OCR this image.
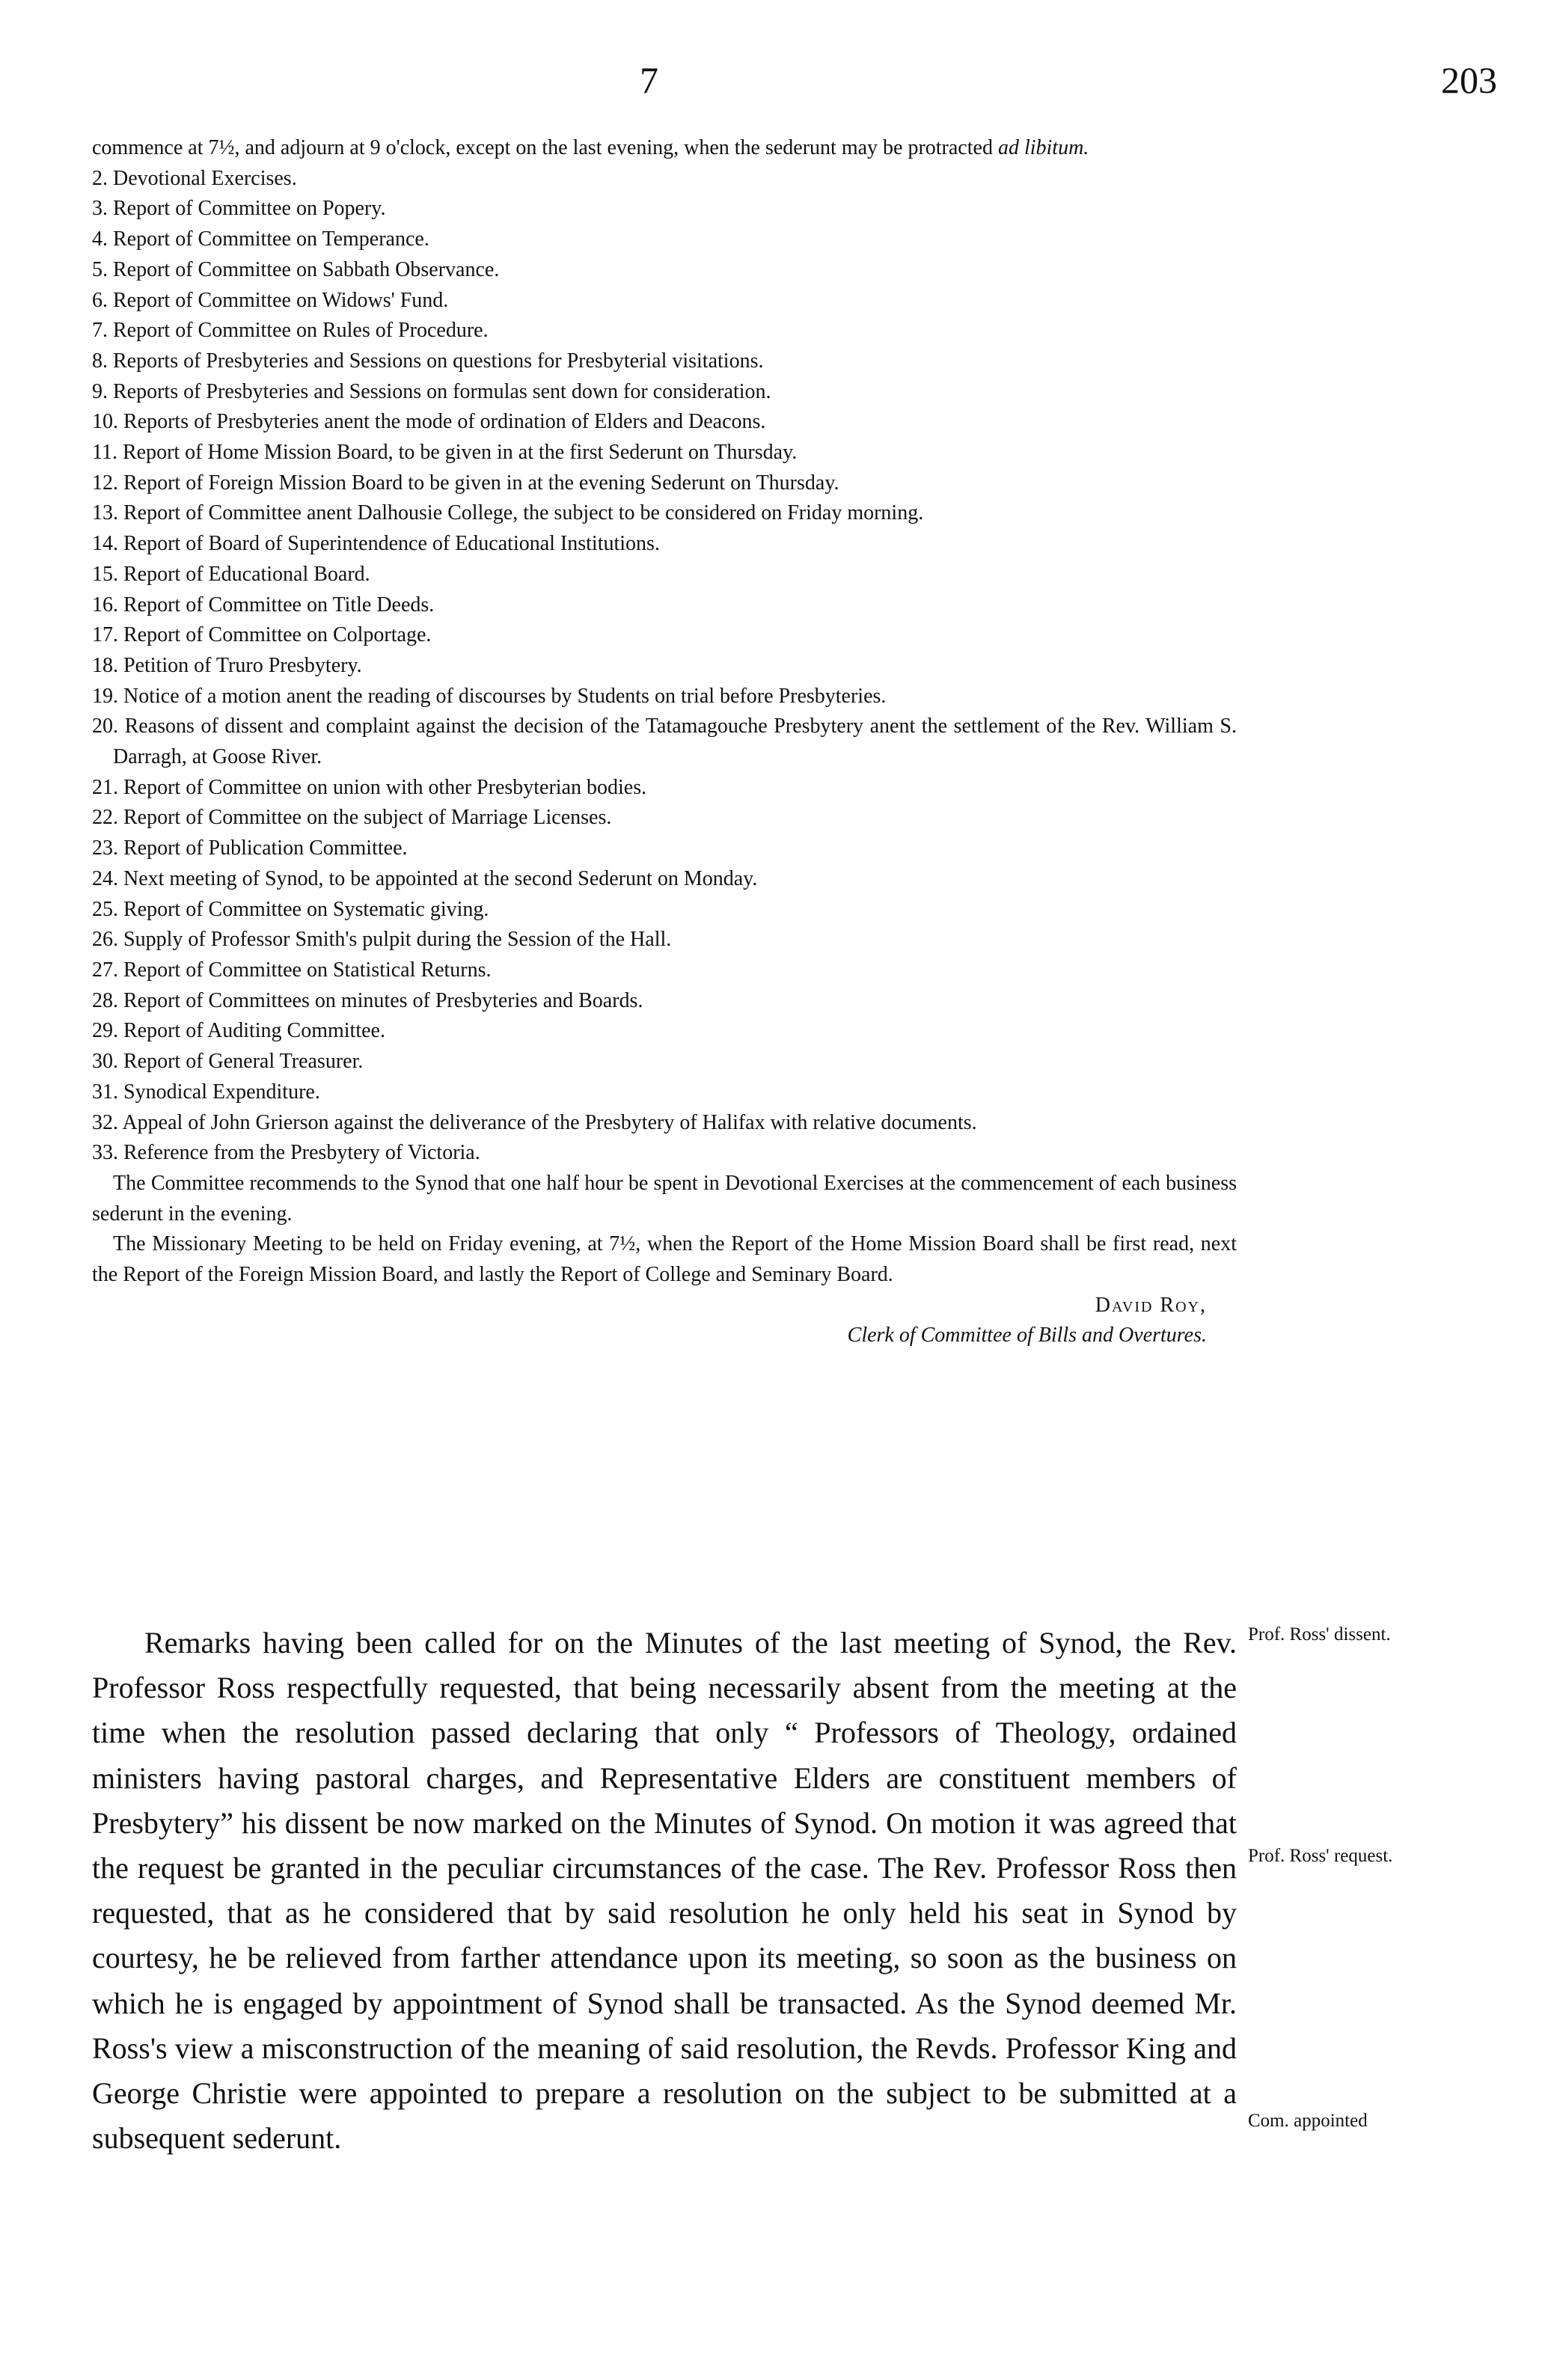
7	203

commence at 7½, and adjourn at 9 o'clock, except on the last evening, when the sederunt may be protracted ad libitum.

2. Devotional Exercises.

3. Report of Committee on Popery.

4. Report of Committee on Temperance.

5. Report of Committee on Sabbath Observance.

6. Report of Committee on Widows' Fund.

7. Report of Committee on Rules of Procedure.

8. Reports of Presbyteries and Sessions on questions for Presbyterial visitations.

9. Reports of Presbyteries and Sessions on formulas sent down for consideration.

10. Reports of Presbyteries anent the mode of ordination of Elders and Deacons.

11. Report of Home Mission Board, to be given in at the first Sederunt on Thursday.

12. Report of Foreign Mission Board to be given in at the evening Sederunt on Thursday.

13. Report of Committee anent Dalhousie College, the subject to be considered on Friday morning.

14. Report of Board of Superintendence of Educational Institutions.

15. Report of Educational Board.

16. Report of Committee on Title Deeds.

17. Report of Committee on Colportage.

18. Petition of Truro Presbytery.

19. Notice of a motion anent the reading of discourses by Students on trial before Presbyteries.

20. Reasons of dissent and complaint against the decision of the Tatamagouche Presbytery anent the settlement of the Rev. William S. Darragh, at Goose River.

21. Report of Committee on union with other Presbyterian bodies.

22. Report of Committee on the subject of Marriage Licenses.

23. Report of Publication Committee.

24. Next meeting of Synod, to be appointed at the second Sederunt on Monday.

25. Report of Committee on Systematic giving.

26. Supply of Professor Smith's pulpit during the Session of the Hall.

27. Report of Committee on Statistical Returns.

28. Report of Committees on minutes of Presbyteries and Boards.

29. Report of Auditing Committee.

30. Report of General Treasurer.

31. Synodical Expenditure.

32. Appeal of John Grierson against the deliverance of the Presbytery of Halifax with relative documents.

33. Reference from the Presbytery of Victoria.

The Committee recommends to the Synod that one half hour be spent in Devotional Exercises at the commencement of each business sederunt in the evening.

The Missionary Meeting to be held on Friday evening, at 7½, when the Report of the Home Mission Board shall be first read, next the Report of the Foreign Mission Board, and lastly the Report of College and Seminary Board.

David Roy,

Clerk of Committee of Bills and Overtures.

Remarks having been called for on the Minutes of the last meeting of Synod, the Rev. Professor Ross respectfully requested, that being necessarily absent from the meeting at the time when the resolution passed declaring that only “ Professors of Theology, ordained ministers having pastoral charges, and Representative Elders are constituent members of Presbytery” his dissent be now marked on the Minutes of Synod. On motion it was agreed that the request be granted in the peculiar circumstances of the case. The Rev. Professor Ross then requested, that as he considered that by said resolution he only held his seat in Synod by courtesy, he be relieved from farther attendance upon its meeting, so soon as the business on which he is engaged by appointment of Synod shall be transacted. As the Synod deemed Mr. Ross's view a misconstruction of the meaning of said resolution, the Revds. Professor King and George Christie were appointed to prepare a resolution on the subject to be submitted at a subsequent sederunt.

Prof. Ross' dissent.
Prof. Ross' request.
Com. appointed
